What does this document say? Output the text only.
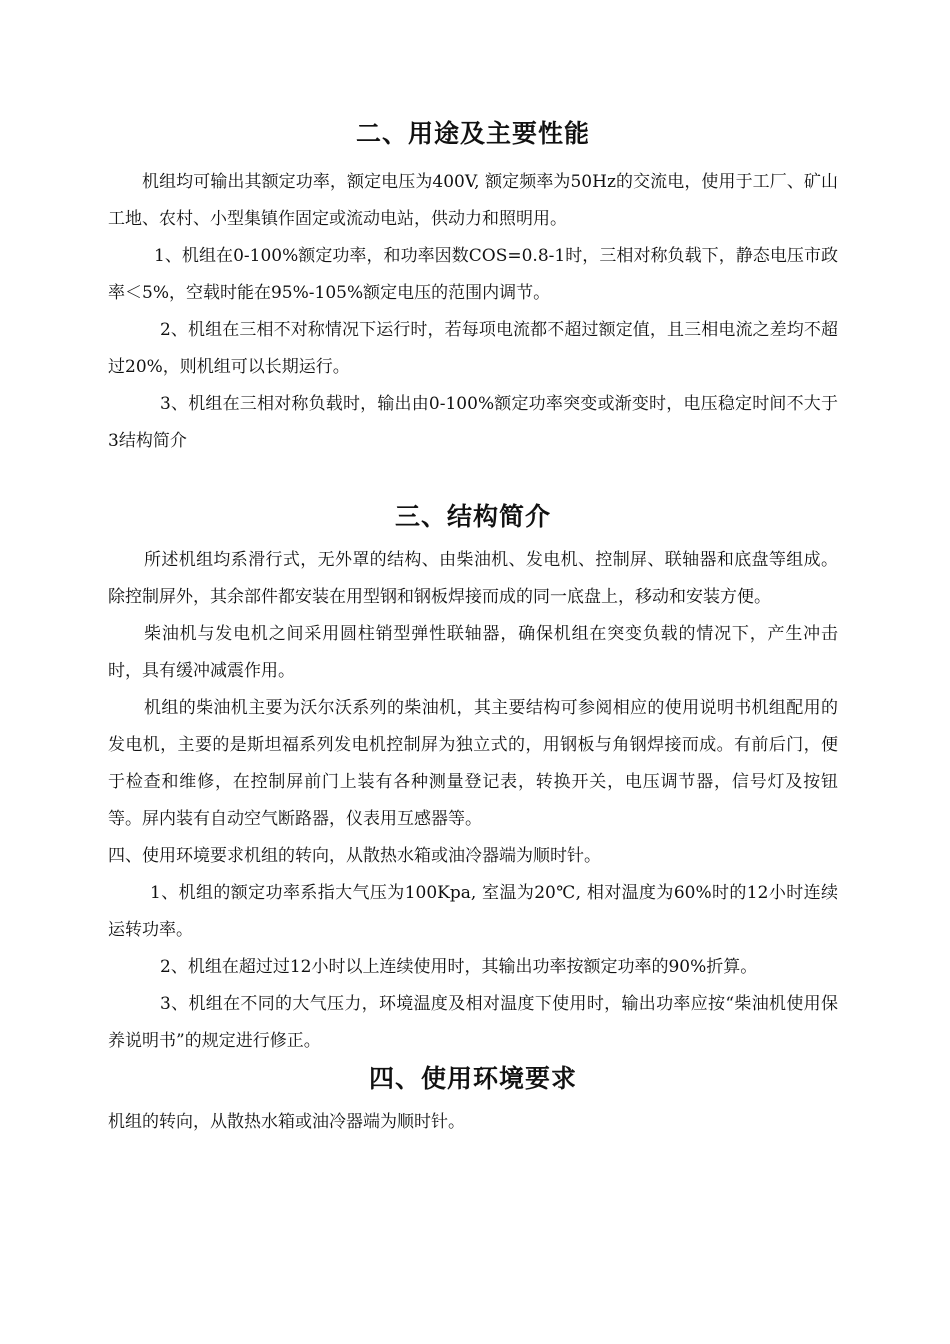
二、用途及主要性能

机组均可输出其额定功率，额定电压为400V, 额定频率为50Hz的交流电，使用于工厂、矿山工地、农村、小型集镇作固定或流动电站，供动力和照明用。

1、机组在0-100%额定功率，和功率因数COS=0.8-1时，三相对称负载下，静态电压市政率＜5%，空载时能在95%-105%额定电压的范围内调节。

2、机组在三相不对称情况下运行时，若每项电流都不超过额定值，且三相电流之差均不超过20%，则机组可以长期运行。

3、机组在三相对称负载时，输出由0-100%额定功率突变或渐变时，电压稳定时间不大于3结构简介

三、结构简介

所述机组均系滑行式，无外罩的结构、由柴油机、发电机、控制屏、联轴器和底盘等组成。除控制屏外，其余部件都安装在用型钢和钢板焊接而成的同一底盘上，移动和安装方便。

柴油机与发电机之间采用圆柱销型弹性联轴器，确保机组在突变负载的情况下，产生冲击时，具有缓冲减震作用。

机组的柴油机主要为沃尔沃系列的柴油机，其主要结构可参阅相应的使用说明书机组配用的发电机，主要的是斯坦福系列发电机控制屏为独立式的，用钢板与角钢焊接而成。有前后门，便于检查和维修，在控制屏前门上装有各种测量登记表，转换开关，电压调节器，信号灯及按钮等。屏内装有自动空气断路器，仪表用互感器等。

四、使用环境要求机组的转向，从散热水箱或油冷器端为顺时针。

1、机组的额定功率系指大气压为100Kpa, 室温为20℃, 相对温度为60%时的12小时连续运转功率。

2、机组在超过过12小时以上连续使用时，其输出功率按额定功率的90%折算。

3、机组在不同的大气压力，环境温度及相对温度下使用时，输出功率应按“柴油机使用保养说明书”的规定进行修正。

四、使用环境要求

机组的转向，从散热水箱或油冷器端为顺时针。
